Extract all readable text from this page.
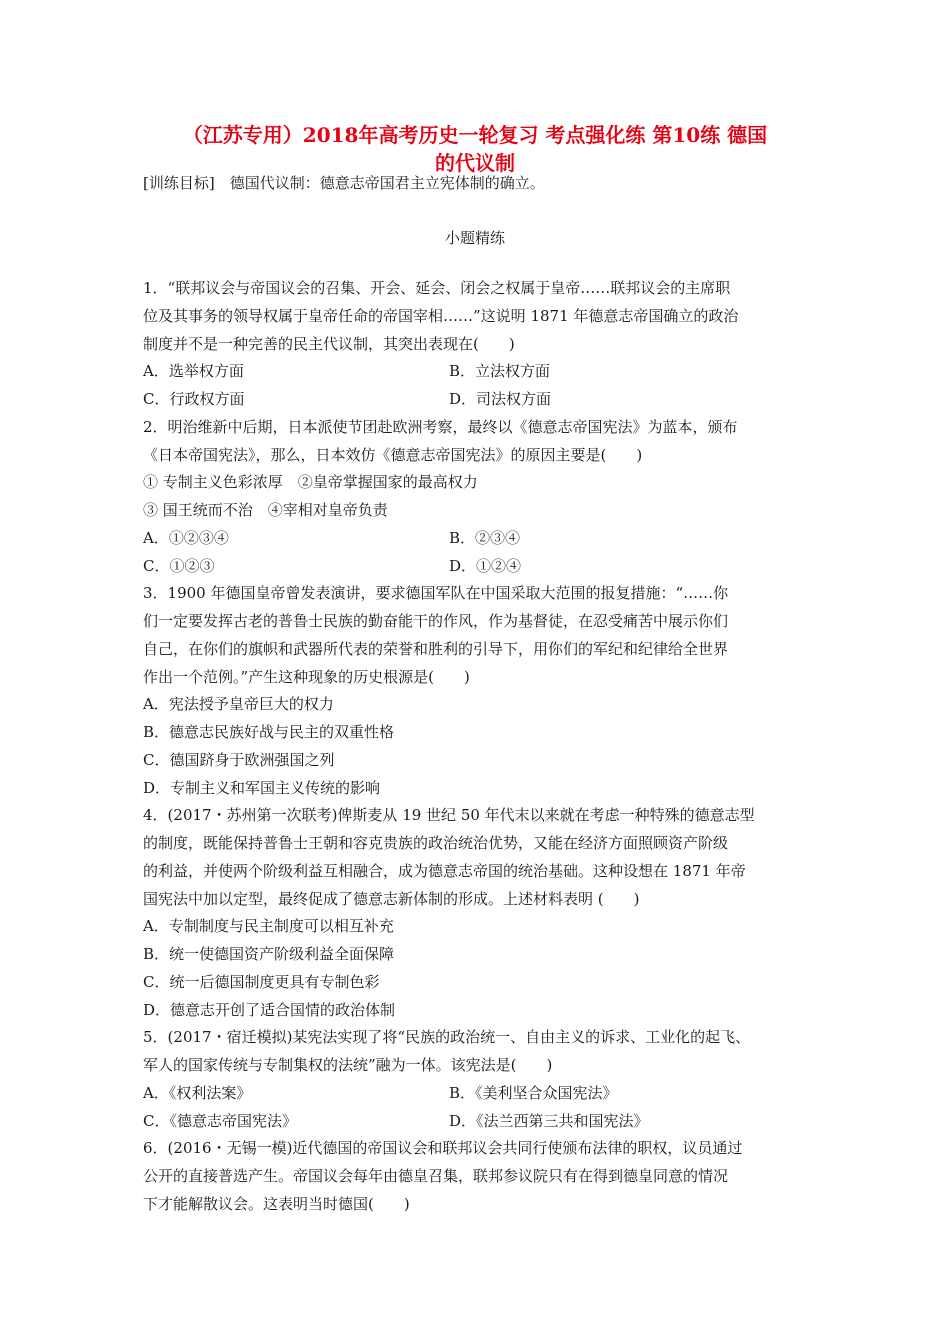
（江苏专用）2018年高考历史一轮复习 考点强化练 第10练 德国
的代议制
[训练目标]　德国代议制：德意志帝国君主立宪体制的确立。
小题精练
1．“联邦议会与帝国议会的召集、开会、延会、闭会之权属于皇帝……联邦议会的主席职
位及其事务的领导权属于皇帝任命的帝国宰相……”这说明 1871 年德意志帝国确立的政治
制度并不是一种完善的民主代议制，其突出表现在(　　)
A．选举权方面	B．立法权方面
C．行政权方面	D．司法权方面
2．明治维新中后期，日本派使节团赴欧洲考察，最终以《德意志帝国宪法》为蓝本，颁布
《日本帝国宪法》，那么，日本效仿《德意志帝国宪法》的原因主要是(　　)
① 专制主义色彩浓厚　②皇帝掌握国家的最高权力
③ 国王统而不治　④宰相对皇帝负责
A．①②③④	B．②③④
C．①②③	D．①②④
3．1900 年德国皇帝曾发表演讲，要求德国军队在中国采取大范围的报复措施：“……你
们一定要发挥古老的普鲁士民族的勤奋能干的作风，作为基督徒，在忍受痛苦中展示你们
自己，在你们的旗帜和武器所代表的荣誉和胜利的引导下，用你们的军纪和纪律给全世界
作出一个范例。”产生这种现象的历史根源是(　　)
A．宪法授予皇帝巨大的权力
B．德意志民族好战与民主的双重性格
C．德国跻身于欧洲强国之列
D．专制主义和军国主义传统的影响
4．(2017・苏州第一次联考)俾斯麦从 19 世纪 50 年代末以来就在考虑一种特殊的德意志型
的制度，既能保持普鲁士王朝和容克贵族的政治统治优势，又能在经济方面照顾资产阶级
的利益，并使两个阶级利益互相融合，成为德意志帝国的统治基础。这种设想在 1871 年帝
国宪法中加以定型，最终促成了德意志新体制的形成。上述材料表明 (　　)
A．专制制度与民主制度可以相互补充
B．统一使德国资产阶级利益全面保障
C．统一后德国制度更具有专制色彩
D．德意志开创了适合国情的政治体制
5．(2017・宿迁模拟)某宪法实现了将“民族的政治统一、自由主义的诉求、工业化的起飞、
军人的国家传统与专制集权的法统”融为一体。该宪法是(　　)
A．《权利法案》	B．《美利坚合众国宪法》
C．《德意志帝国宪法》	D．《法兰西第三共和国宪法》
6．(2016・无锡一模)近代德国的帝国议会和联邦议会共同行使颁布法律的职权，议员通过
公开的直接普选产生。帝国议会每年由德皇召集，联邦参议院只有在得到德皇同意的情况
下才能解散议会。这表明当时德国(　　)
